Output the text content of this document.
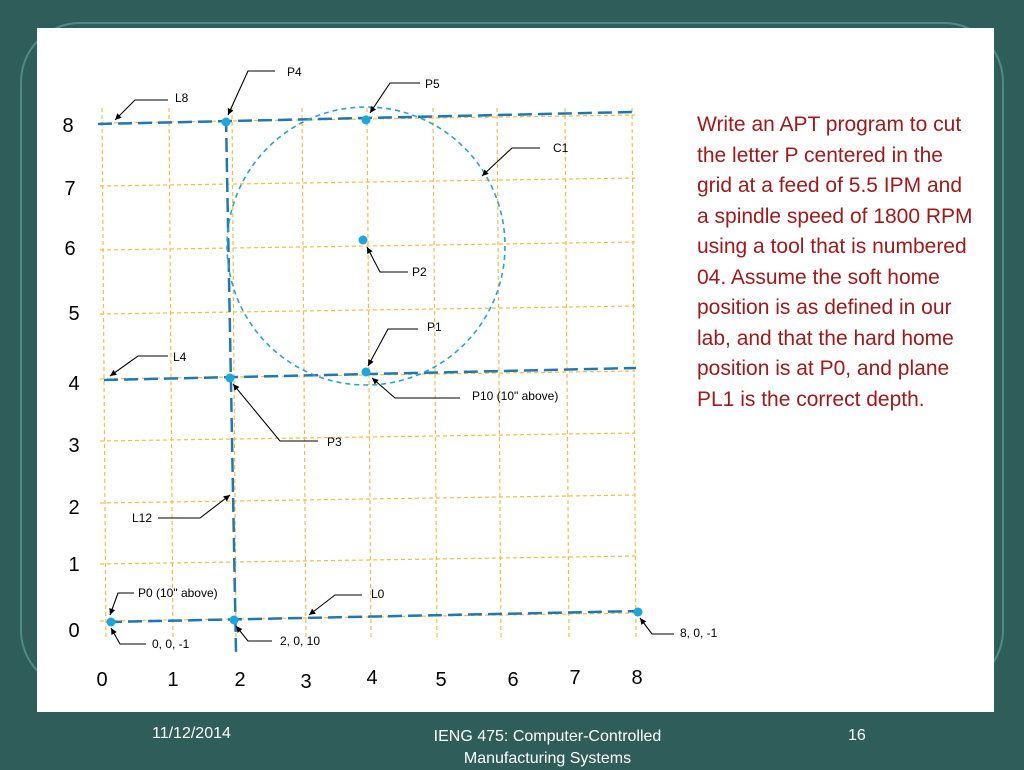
P4
P5
L8
C1
P2
P1
L4
P10 (10" above)
P3
L12
P0 (10" above)	L0
0, 0, -1	2, 0, 10
8, 0, -1
0	1	2	3	4	5	6	7	8
0
1
2
3
4
5
6
7
8	Write an APT program to cut the letter P centered in the grid at a feed of 5.5 IPM and a spindle speed of 1800 RPM using a tool that is numbered 04. Assume the soft home position is as defined in our lab, and that the hard home position is at P0, and plane PL1 is the correct depth.
11/12/2014	IENG 475: Computer-Controlled Manufacturing Systems
16
